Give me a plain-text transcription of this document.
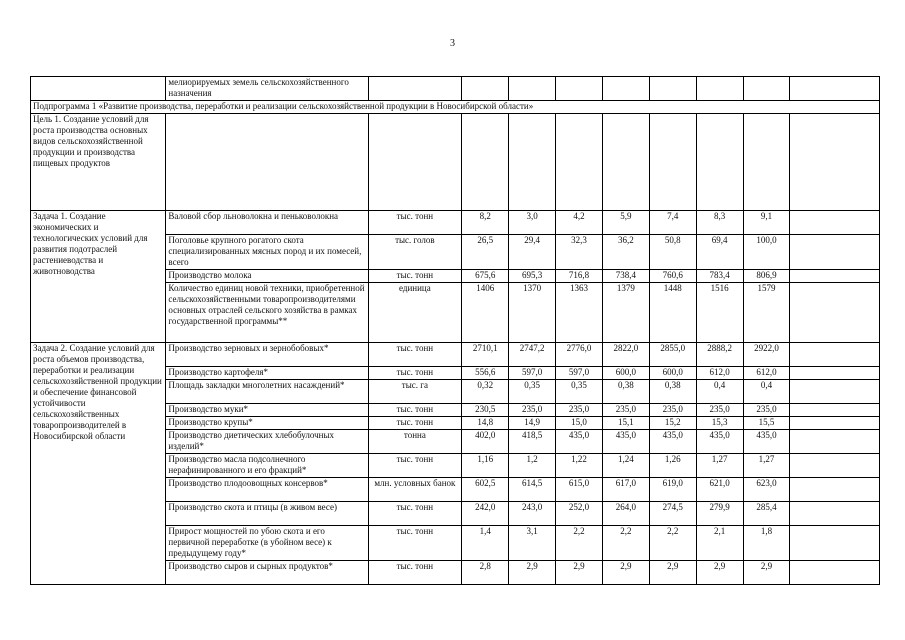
3
	мелиорируемых земель сельскохозяйственного назначения									
Подпрограмма 1 «Развитие производства, переработки и реализации сельскохозяйственной продукции в Новосибирской области»										
Цель 1. Создание условий для роста производства основных видов сельскохозяйственной продукции и производства пищевых продуктов										
Задача 1. Создание экономических и технологических условий для развития подотраслей растениеводства и животноводства	Валовой сбор льноволокна и пеньковолокна	тыс. тонн	8,2	3,0	4,2	5,9	7,4	8,3	9,1	
	Поголовье крупного рогатого скота специализированных мясных пород и их помесей, всего	тыс. голов	26,5	29,4	32,3	36,2	50,8	69,4	100,0	
	Производство молока	тыс. тонн	675,6	695,3	716,8	738,4	760,6	783,4	806,9	
	Количество единиц новой техники, приобретенной сельскохозяйственными товаропроизводителями основных отраслей сельского хозяйства в рамках государственной программы**	единица	1406	1370	1363	1379	1448	1516	1579	
Задача 2. Создание условий для роста объемов производства, переработки и реализации сельскохозяйственной продукции и обеспечение финансовой устойчивости сельскохозяйственных товаропроизводителей в Новосибирской области	Производство зерновых и зернобобовых*	тыс. тонн	2710,1	2747,2	2776,0	2822,0	2855,0	2888,2	2922,0	
	Производство картофеля*	тыс. тонн	556,6	597,0	597,0	600,0	600,0	612,0	612,0	
	Площадь закладки многолетних насаждений*	тыс. га	0,32	0,35	0,35	0,38	0,38	0,4	0,4	
	Производство муки*	тыс. тонн	230,5	235,0	235,0	235,0	235,0	235,0	235,0	
	Производство крупы*	тыс. тонн	14,8	14,9	15,0	15,1	15,2	15,3	15,5	
	Производство диетических хлебобулочных изделий*	тонна	402,0	418,5	435,0	435,0	435,0	435,0	435,0	
	Производство масла подсолнечного нерафинированного и его фракций*	тыс. тонн	1,16	1,2	1,22	1,24	1,26	1,27	1,27	
	Производство плодоовощных консервов*	млн. условных банок	602,5	614,5	615,0	617,0	619,0	621,0	623,0	
	Производство скота и птицы (в живом весе)	тыс. тонн	242,0	243,0	252,0	264,0	274,5	279,9	285,4	
	Прирост мощностей по убою скота и его первичной переработке (в убойном весе) к предыдущему году*	тыс. тонн	1,4	3,1	2,2	2,2	2,2	2,1	1,8	
	Производство сыров и сырных продуктов*	тыс. тонн	2,8	2,9	2,9	2,9	2,9	2,9	2,9	
